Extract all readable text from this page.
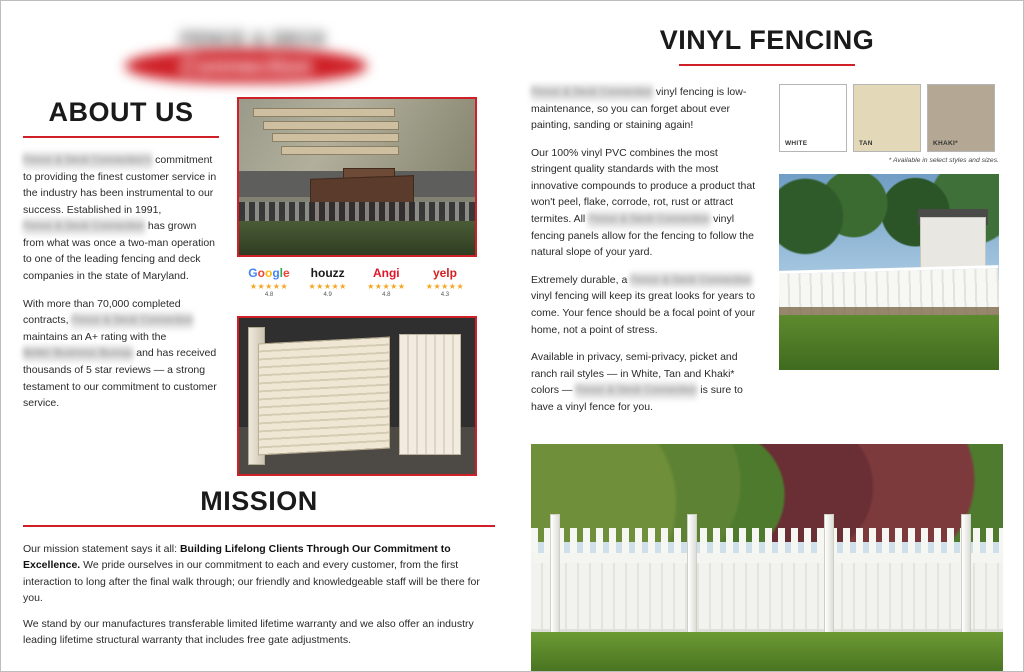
FENCE & DECK
Connection
ABOUT US

Fence & Deck Connection's commitment to providing the finest customer service in the industry has been instrumental to our success. Established in 1991, Fence & Deck Connection has grown from what was once a two-man operation to one of the leading fencing and deck companies in the state of Maryland.

With more than 70,000 completed contracts, Fence & Deck Connection maintains an A+ rating with the Better Business Bureau and has received thousands of 5 star reviews — a strong testament to our commitment to customer service.

Google
★★★★★
4.8
houzz
★★★★★
4.9
Angi
★★★★★
4.8
yelp
★★★★★
4.3
MISSION

Our mission statement says it all: Building Lifelong Clients Through Our Commitment to Excellence. We pride ourselves in our commitment to each and every customer, from the first interaction to long after the final walk through; our friendly and knowledgeable staff will be there for you.

We stand by our manufactures transferable limited lifetime warranty and we also offer an industry leading lifetime structural warranty that includes free gate adjustments.

VINYL FENCING

Fence & Deck Connection vinyl fencing is low-maintenance, so you can forget about ever painting, sanding or staining again!

Our 100% vinyl PVC combines the most stringent quality standards with the most innovative compounds to produce a product that won't peel, flake, corrode, rot, rust or attract termites. All Fence & Deck Connection vinyl fencing panels allow for the fencing to follow the natural slope of your yard.

Extremely durable, a Fence & Deck Connection vinyl fencing will keep its great looks for years to come. Your fence should be a focal point of your home, not a point of stress.

Available in privacy, semi-privacy, picket and ranch rail styles — in White, Tan and Khaki* colors — Fence & Deck Connection is sure to have a vinyl fence for you.

WHITE	TAN	KHAKI*
* Available in select styles and sizes.
